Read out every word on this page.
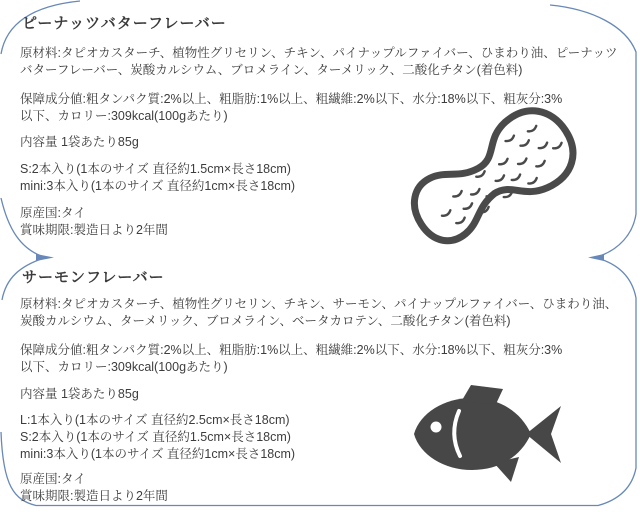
ピーナッツバターフレーバー
原材料:タピオカスターチ、植物性グリセリン、チキン、パイナップルファイバー、ひまわり油、ピーナッツ
バターフレーバー、炭酸カルシウム、ブロメライン、ターメリック、二酸化チタン(着色料)
保障成分値:粗タンパク質:2%以上、粗脂肪:1%以上、粗繊維:2%以下、水分:18%以下、粗灰分:3%
以下、カロリー:309kcal(100gあたり)
内容量 1袋あたり85g
S:2本入り(1本のサイズ 直径約1.5cm×長さ18cm)
mini:3本入り(1本のサイズ 直径約1cm×長さ18cm)
原産国:タイ
賞味期限:製造日より2年間
サーモンフレーバー
原材料:タピオカスターチ、植物性グリセリン、チキン、サーモン、パイナップルファイバー、ひまわり油、
炭酸カルシウム、ターメリック、ブロメライン、ベータカロテン、二酸化チタン(着色料)
保障成分値:粗タンパク質:2%以上、粗脂肪:1%以上、粗繊維:2%以下、水分:18%以下、粗灰分:3%
以下、カロリー:309kcal(100gあたり)
内容量 1袋あたり85g
L:1本入り(1本のサイズ 直径約2.5cm×長さ18cm)
S:2本入り(1本のサイズ 直径約1.5cm×長さ18cm)
mini:3本入り(1本のサイズ 直径約1cm×長さ18cm)
原産国:タイ
賞味期限:製造日より2年間
